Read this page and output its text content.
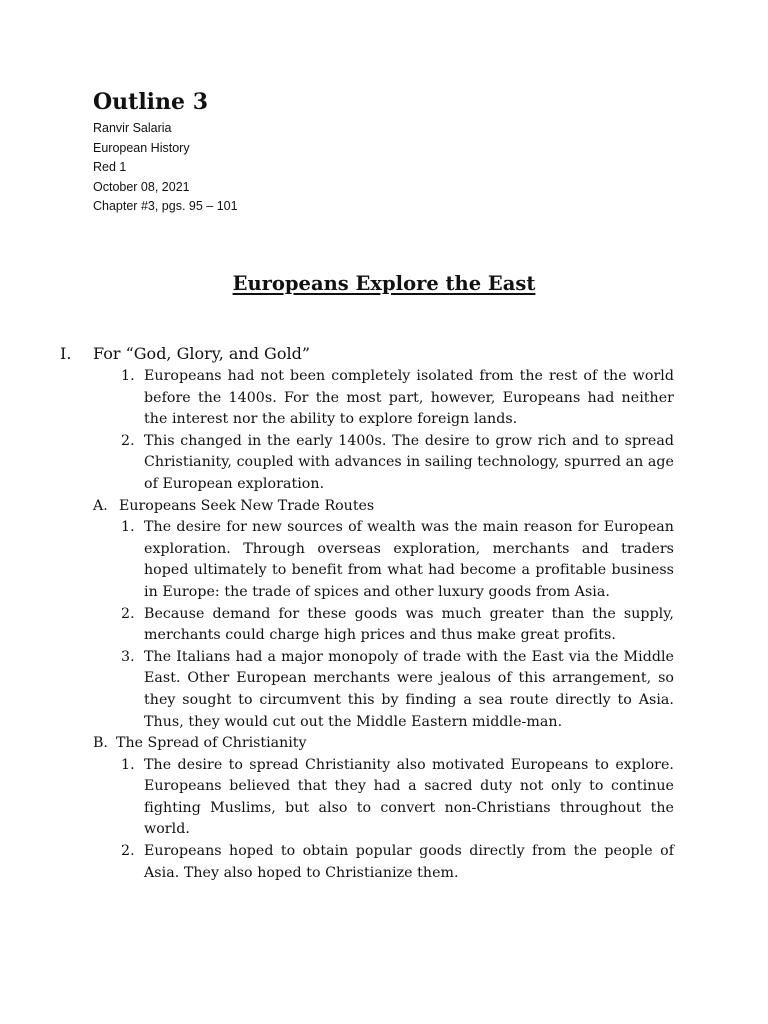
Outline 3
Ranvir Salaria
European History
Red 1
October 08, 2021
Chapter #3, pgs. 95 – 101
Europeans Explore the East
I. For “God, Glory, and Gold”
1. Europeans had not been completely isolated from the rest of the world before the 1400s. For the most part, however, Europeans had neither the interest nor the ability to explore foreign lands.
2. This changed in the early 1400s. The desire to grow rich and to spread Christianity, coupled with advances in sailing technology, spurred an age of European exploration.
A. Europeans Seek New Trade Routes
1. The desire for new sources of wealth was the main reason for European exploration. Through overseas exploration, merchants and traders hoped ultimately to benefit from what had become a profitable business in Europe: the trade of spices and other luxury goods from Asia.
2. Because demand for these goods was much greater than the supply, merchants could charge high prices and thus make great profits.
3. The Italians had a major monopoly of trade with the East via the Middle East. Other European merchants were jealous of this arrangement, so they sought to circumvent this by finding a sea route directly to Asia. Thus, they would cut out the Middle Eastern middle-man.
B. The Spread of Christianity
1. The desire to spread Christianity also motivated Europeans to explore. Europeans believed that they had a sacred duty not only to continue fighting Muslims, but also to convert non-Christians throughout the world.
2. Europeans hoped to obtain popular goods directly from the people of Asia. They also hoped to Christianize them.
